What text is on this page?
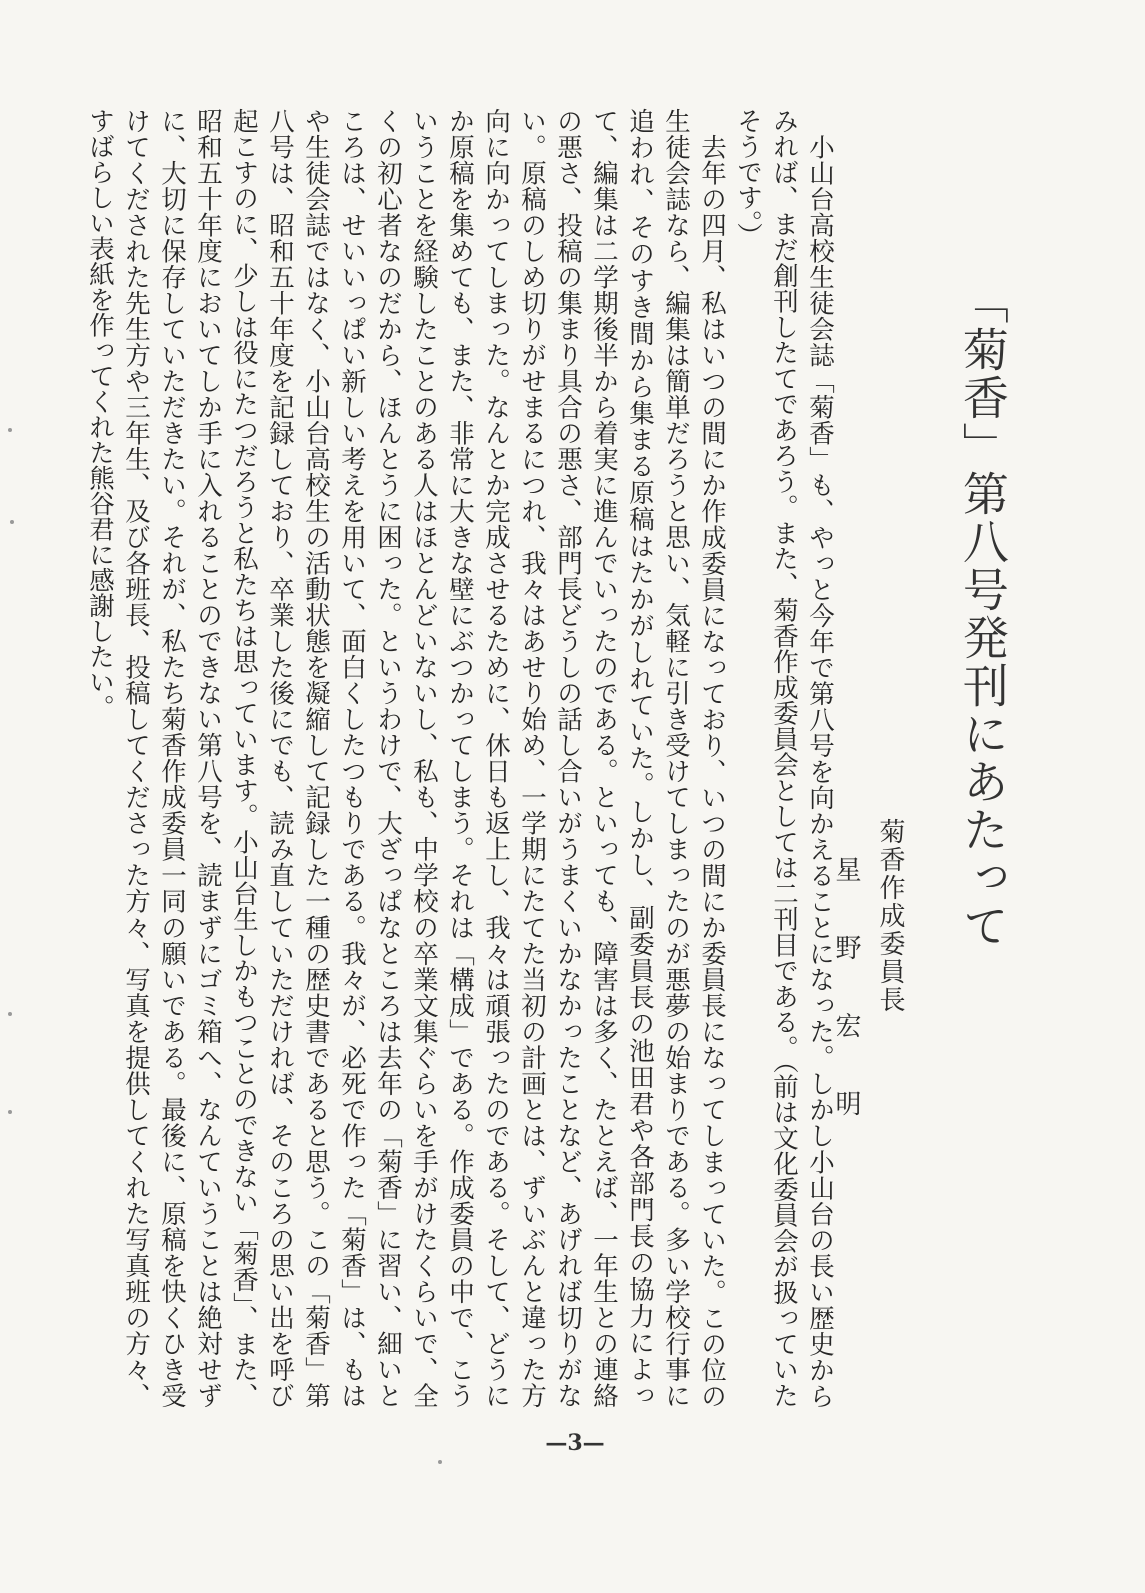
「菊香」第八号発刊にあたって
菊香作成委員長
星野宏明

小山台高校生徒会誌「菊香」も、やっと今年で第八号を向かえることになった。しかし小山台の長い歴史からみれば、まだ創刊したてであろう。また、菊香作成委員会としては二刊目である。（前は文化委員会が扱っていたそうです。）

去年の四月、私はいつの間にか作成委員になっており、いつの間にか委員長になってしまっていた。この位の生徒会誌なら、編集は簡単だろうと思い、気軽に引き受けてしまったのが悪夢の始まりである。多い学校行事に追われ、そのすき間から集まる原稿はたかがしれていた。しかし、副委員長の池田君や各部門長の協力によって、編集は二学期後半から着実に進んでいったのである。といっても、障害は多く、たとえば、一年生との連絡の悪さ、投稿の集まり具合の悪さ、部門長どうしの話し合いがうまくいかなかったことなど、あげれば切りがない。原稿のしめ切りがせまるにつれ、我々はあせり始め、一学期にたてた当初の計画とは、ずいぶんと違った方向に向かってしまった。なんとか完成させるために、休日も返上し、我々は頑張ったのである。そして、どうにか原稿を集めても、また、非常に大きな壁にぶつかってしまう。それは「構成」である。作成委員の中で、こういうことを経験したことのある人はほとんどいないし、私も、中学校の卒業文集ぐらいを手がけたくらいで、全くの初心者なのだから、ほんとうに困った。というわけで、大ざっぱなところは去年の「菊香」に習い、細いところは、せいいっぱい新しい考えを用いて、面白くしたつもりである。我々が、必死で作った「菊香」は、もはや生徒会誌ではなく、小山台高校生の活動状態を凝縮して記録した一種の歴史書であると思う。この「菊香」第八号は、昭和五十年度を記録しており、卒業した後にでも、読み直していただければ、そのころの思い出を呼び起こすのに、少しは役にたつだろうと私たちは思っています。小山台生しかもつことのできない「菊香」、また、昭和五十年度においてしか手に入れることのできない第八号を、読まずにゴミ箱へ、なんていうことは絶対せずに、大切に保存していただきたい。それが、私たち菊香作成委員一同の願いである。最後に、原稿を快くひき受けてくだされた先生方や三年生、及び各班長、投稿してくださった方々、写真を提供してくれた写真班の方々、すばらしい表紙を作ってくれた熊谷君に感謝したい。

—3—
